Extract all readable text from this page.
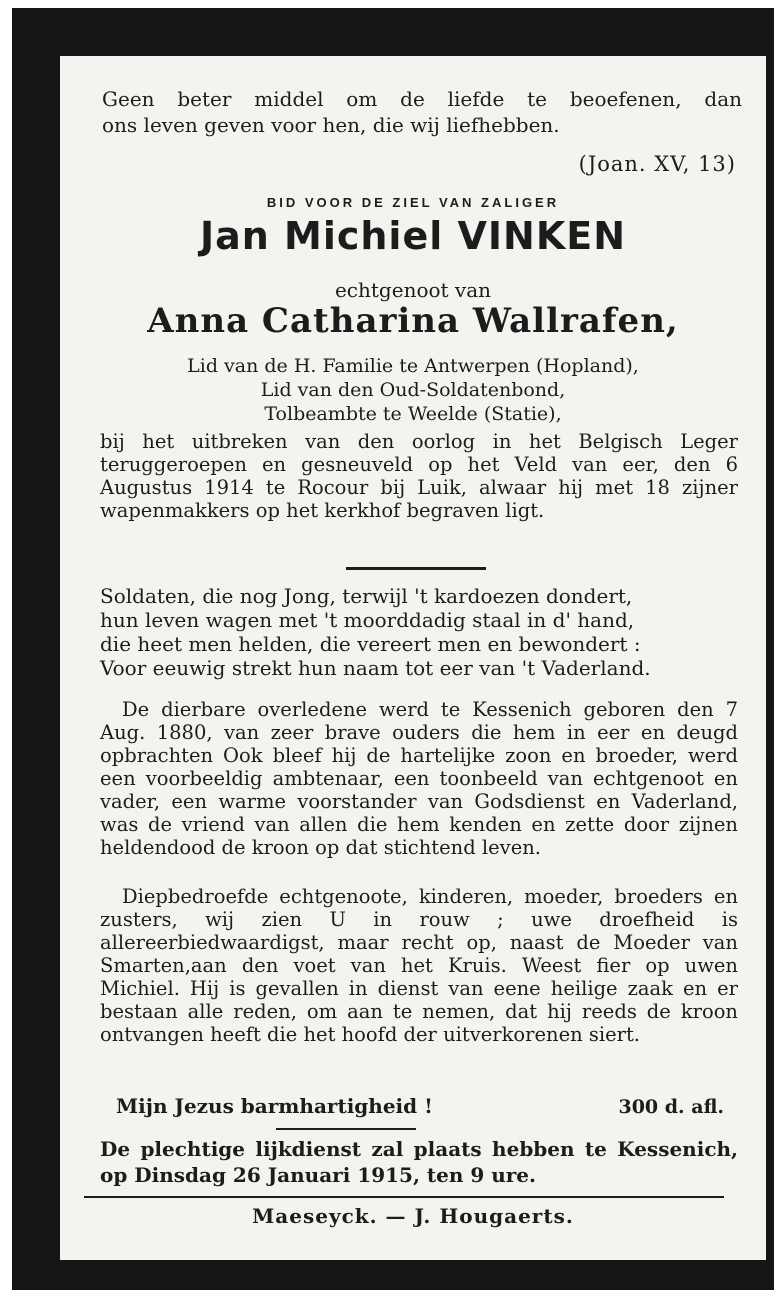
Geen beter middel om de liefde te beoefenen, dan
ons leven geven voor hen, die wij liefhebben.
(Joan. XV, 13)
BID VOOR DE ZIEL VAN ZALIGER
Jan Michiel VINKEN
echtgenoot van
Anna Catharina Wallrafen,
Lid van de H. Familie te Antwerpen (Hopland),
Lid van den Oud-Soldatenbond,
Tolbeambte te Weelde (Statie),
bij het uitbreken van den oorlog in het Belgisch Leger teruggeroepen en gesneuveld op het Veld van eer, den 6 Augustus 1914 te Rocour bij Luik, alwaar hij met 18 zijner wapenmakkers op het kerkhof begraven ligt.
Soldaten, die nog Jong, terwijl 't kardoezen dondert,
hun leven wagen met 't moorddadig staal in d' hand,
die heet men helden, die vereert men en bewondert :
Voor eeuwig strekt hun naam tot eer van 't Vaderland.
De dierbare overledene werd te Kessenich geboren den 7 Aug. 1880, van zeer brave ouders die hem in eer en deugd opbrachten Ook bleef hij de hartelijke zoon en broeder, werd een voorbeeldig ambtenaar, een toonbeeld van echtgenoot en vader, een warme voorstander van Godsdienst en Vaderland, was de vriend van allen die hem kenden en zette door zijnen heldendood de kroon op dat stichtend leven.
Diepbedroefde echtgenoote, kinderen, moeder, broeders en zusters, wij zien U in rouw ; uwe droefheid is allereerbiedwaardigst, maar recht op, naast de Moeder van Smarten,aan den voet van het Kruis. Weest fier op uwen Michiel. Hij is gevallen in dienst van eene heilige zaak en er bestaan alle reden, om aan te nemen, dat hij reeds de kroon ontvangen heeft die het hoofd der uitverkorenen siert.
Mijn Jezus barmhartigheid !	300 d. afl.
De plechtige lijkdienst zal plaats hebben te Kessenich, op Dinsdag 26 Januari 1915, ten 9 ure.
Maeseyck. — J. Hougaerts.
